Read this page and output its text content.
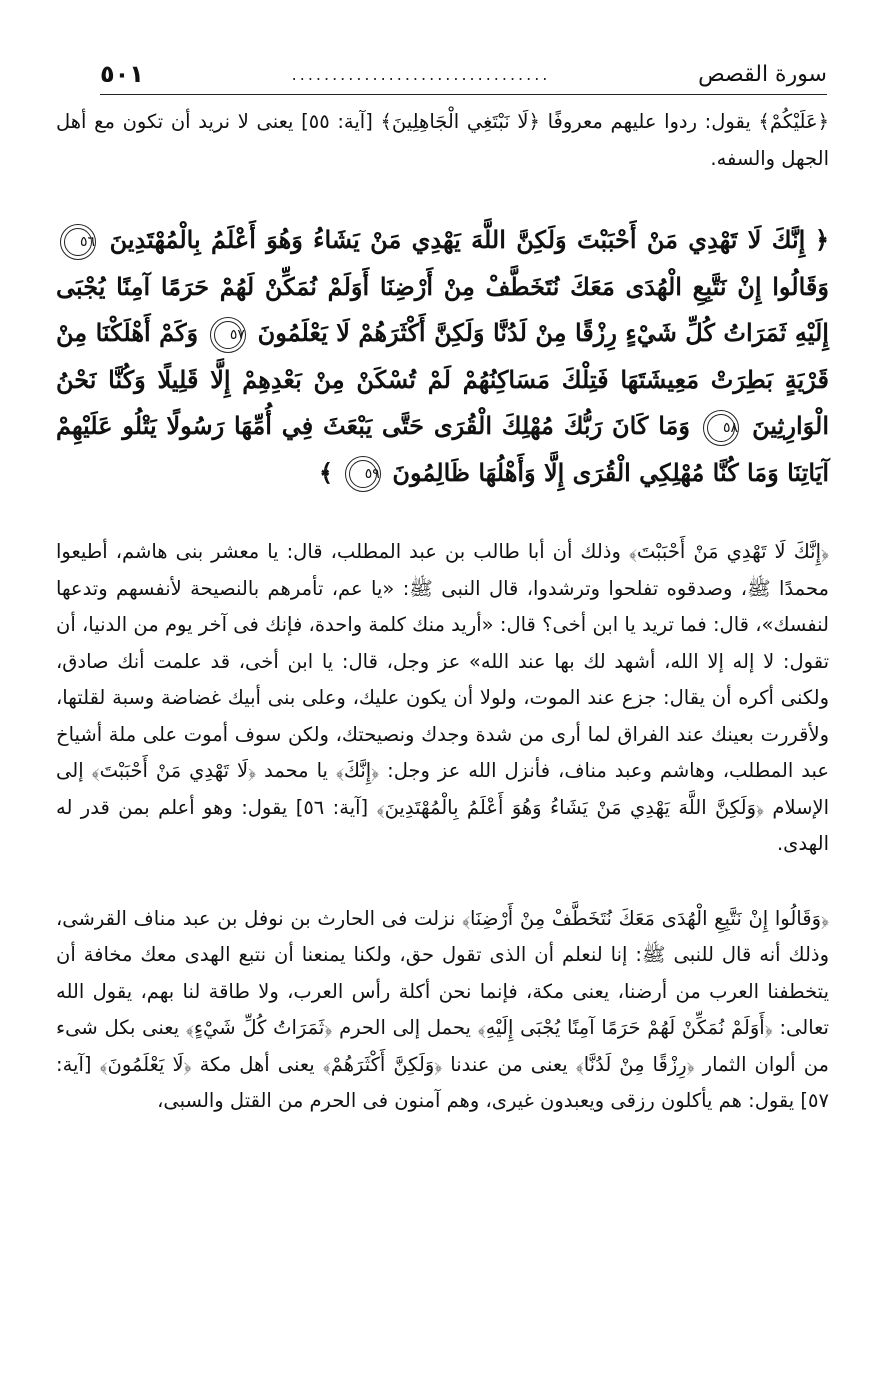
سورة القصص
................................
٥٠١

﴿عَلَيْكُمْ﴾ يقول: ردوا عليهم معروفًا ﴿لَا نَبْتَغِي الْجَاهِلِينَ﴾ [آية: ٥٥] يعنى لا نريد أن تكون مع أهل الجهل والسفه.

﴿ إِنَّكَ لَا تَهْدِي مَنْ أَحْبَبْتَ وَلَكِنَّ اللَّهَ يَهْدِي مَنْ يَشَاءُ وَهُوَ أَعْلَمُ بِالْمُهْتَدِينَ ٥٦ وَقَالُوا إِنْ نَتَّبِعِ الْهُدَى مَعَكَ نُتَخَطَّفْ مِنْ أَرْضِنَا أَوَلَمْ نُمَكِّنْ لَهُمْ حَرَمًا آمِنًا يُجْبَى إِلَيْهِ ثَمَرَاتُ كُلِّ شَيْءٍ رِزْقًا مِنْ لَدُنَّا وَلَكِنَّ أَكْثَرَهُمْ لَا يَعْلَمُونَ ٥٧ وَكَمْ أَهْلَكْنَا مِنْ قَرْيَةٍ بَطِرَتْ مَعِيشَتَهَا فَتِلْكَ مَسَاكِنُهُمْ لَمْ تُسْكَنْ مِنْ بَعْدِهِمْ إِلَّا قَلِيلًا وَكُنَّا نَحْنُ الْوَارِثِينَ ٥٨ وَمَا كَانَ رَبُّكَ مُهْلِكَ الْقُرَى حَتَّى يَبْعَثَ فِي أُمِّهَا رَسُولًا يَتْلُو عَلَيْهِمْ آيَاتِنَا وَمَا كُنَّا مُهْلِكِي الْقُرَى إِلَّا وَأَهْلُهَا ظَالِمُونَ ٥٩ ﴾

﴿إِنَّكَ لَا تَهْدِي مَنْ أَحْبَبْتَ﴾ وذلك أن أبا طالب بن عبد المطلب، قال: يا معشر بنى هاشم، أطيعوا محمدًا ﷺ، وصدقوه تفلحوا وترشدوا، قال النبى ﷺ: «يا عم، تأمرهم بالنصيحة لأنفسهم وتدعها لنفسك»، قال: فما تريد يا ابن أخى؟ قال: «أريد منك كلمة واحدة، فإنك فى آخر يوم من الدنيا، أن تقول: لا إله إلا الله، أشهد لك بها عند الله» عز وجل، قال: يا ابن أخى، قد علمت أنك صادق، ولكنى أكره أن يقال: جزع عند الموت، ولولا أن يكون عليك، وعلى بنى أبيك غضاضة وسبة لقلتها، ولأقررت بعينك عند الفراق لما أرى من شدة وجدك ونصيحتك، ولكن سوف أموت على ملة أشياخ عبد المطلب، وهاشم وعبد مناف، فأنزل الله عز وجل: ﴿إِنَّكَ﴾ يا محمد ﴿لَا تَهْدِي مَنْ أَحْبَبْتَ﴾ إلى الإسلام ﴿وَلَكِنَّ اللَّهَ يَهْدِي مَنْ يَشَاءُ وَهُوَ أَعْلَمُ بِالْمُهْتَدِينَ﴾ [آية: ٥٦] يقول: وهو أعلم بمن قدر له الهدى.

﴿وَقَالُوا إِنْ نَتَّبِعِ الْهُدَى مَعَكَ نُتَخَطَّفْ مِنْ أَرْضِنَا﴾ نزلت فى الحارث بن نوفل بن عبد مناف القرشى، وذلك أنه قال للنبى ﷺ: إنا لنعلم أن الذى تقول حق، ولكنا يمنعنا أن نتبع الهدى معك مخافة أن يتخطفنا العرب من أرضنا، يعنى مكة، فإنما نحن أكلة رأس العرب، ولا طاقة لنا بهم، يقول الله تعالى: ﴿أَوَلَمْ نُمَكِّنْ لَهُمْ حَرَمًا آمِنًا يُجْبَى إِلَيْهِ﴾ يحمل إلى الحرم ﴿ثَمَرَاتُ كُلِّ شَيْءٍ﴾ يعنى بكل شىء من ألوان الثمار ﴿رِزْقًا مِنْ لَدُنَّا﴾ يعنى من عندنا ﴿وَلَكِنَّ أَكْثَرَهُمْ﴾ يعنى أهل مكة ﴿لَا يَعْلَمُونَ﴾ [آية: ٥٧] يقول: هم يأكلون رزقى ويعبدون غيرى، وهم آمنون فى الحرم من القتل والسبى،
